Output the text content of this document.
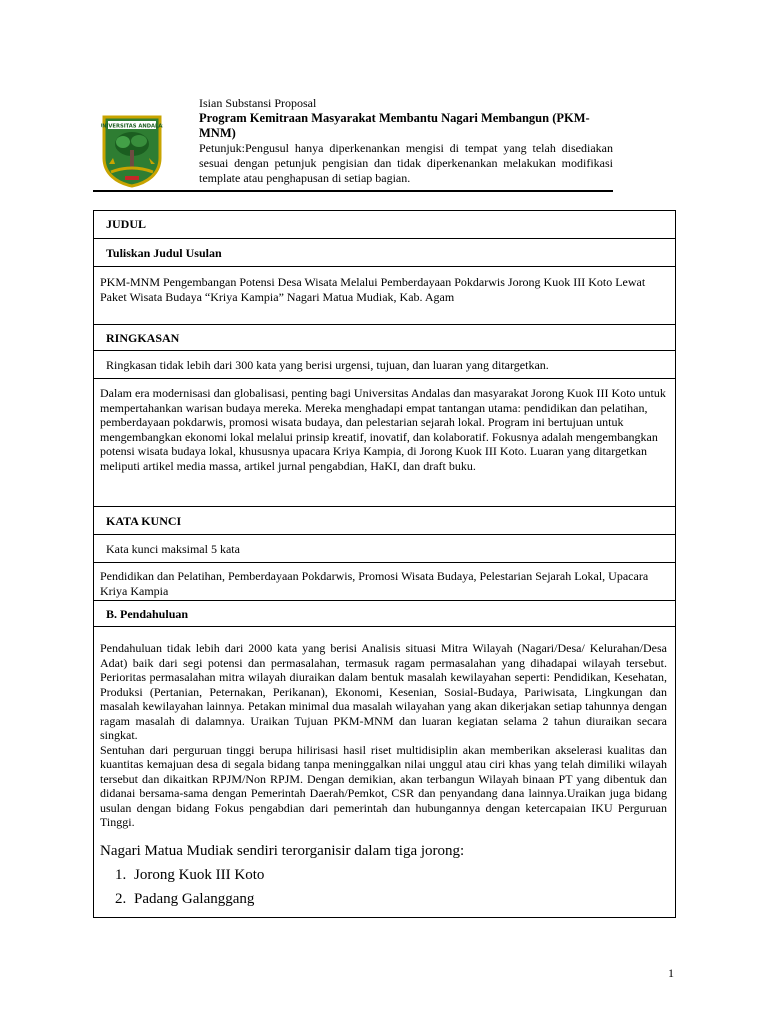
UNIVERSITAS ANDALAS
Isian Substansi Proposal
Program Kemitraan Masyarakat Membantu Nagari Membangun (PKM-MNM)
Petunjuk:Pengusul hanya diperkenankan mengisi di tempat yang telah disediakan sesuai dengan petunjuk pengisian dan tidak diperkenankan melakukan modifikasi template atau penghapusan di setiap bagian.
JUDUL
Tuliskan Judul Usulan
PKM-MNM Pengembangan Potensi Desa Wisata Melalui Pemberdayaan Pokdarwis Jorong Kuok III Koto Lewat Paket Wisata Budaya “Kriya Kampia” Nagari Matua Mudiak, Kab. Agam
RINGKASAN
Ringkasan tidak lebih dari 300 kata yang berisi urgensi, tujuan, dan luaran yang ditargetkan.
Dalam era modernisasi dan globalisasi, penting bagi Universitas Andalas dan masyarakat Jorong Kuok III Koto untuk mempertahankan warisan budaya mereka. Mereka menghadapi empat tantangan utama: pendidikan dan pelatihan, pemberdayaan pokdarwis, promosi wisata budaya, dan pelestarian sejarah lokal. Program ini bertujuan untuk mengembangkan ekonomi lokal melalui prinsip kreatif, inovatif, dan kolaboratif. Fokusnya adalah mengembangkan potensi wisata budaya lokal, khususnya upacara Kriya Kampia, di Jorong Kuok III Koto. Luaran yang ditargetkan meliputi artikel media massa, artikel jurnal pengabdian, HaKI, dan draft buku.
KATA KUNCI
Kata kunci maksimal 5 kata
Pendidikan dan Pelatihan, Pemberdayaan Pokdarwis, Promosi Wisata Budaya, Pelestarian Sejarah Lokal, Upacara Kriya Kampia
B. Pendahuluan
Pendahuluan tidak lebih dari 2000 kata yang berisi Analisis situasi Mitra Wilayah (Nagari/Desa/ Kelurahan/Desa Adat) baik dari segi potensi dan permasalahan, termasuk ragam permasalahan yang dihadapai wilayah tersebut. Perioritas permasalahan mitra wilayah diuraikan dalam bentuk masalah kewilayahan seperti: Pendidikan, Kesehatan, Produksi (Pertanian, Peternakan, Perikanan), Ekonomi, Kesenian, Sosial-Budaya, Pariwisata, Lingkungan dan masalah kewilayahan lainnya. Petakan minimal dua masalah wilayahan yang akan dikerjakan setiap tahunnya dengan ragam masalah di dalamnya. Uraikan Tujuan PKM-MNM dan luaran kegiatan selama 2 tahun diuraikan secara singkat.
Sentuhan dari perguruan tinggi berupa hilirisasi hasil riset multidisiplin akan memberikan akselerasi kualitas dan kuantitas kemajuan desa di segala bidang tanpa meninggalkan nilai unggul atau ciri khas yang telah dimiliki wilayah tersebut dan dikaitkan RPJM/Non RPJM. Dengan demikian, akan terbangun Wilayah binaan PT yang dibentuk dan didanai bersama-sama dengan Pemerintah Daerah/Pemkot, CSR dan penyandang dana lainnya.Uraikan juga bidang usulan dengan bidang Fokus pengabdian dari pemerintah dan hubungannya dengan ketercapaian IKU Perguruan Tinggi.
Nagari Matua Mudiak sendiri terorganisir dalam tiga jorong:
1. Jorong Kuok III Koto
2. Padang Galanggang
1
